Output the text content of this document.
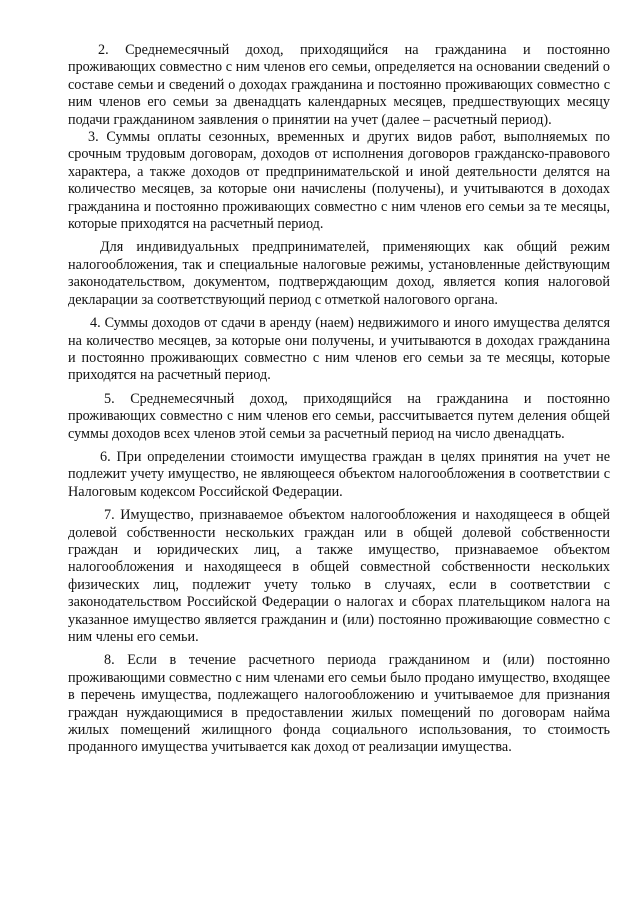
2. Среднемесячный доход, приходящийся на гражданина и постоянно проживающих совместно с ним членов его семьи, определяется на основании сведений о составе семьи и сведений о доходах гражданина и постоянно проживающих совместно с ним членов его семьи за двенадцать календарных месяцев, предшествующих месяцу подачи гражданином заявления о принятии на учет (далее – расчетный период).

3. Суммы оплаты сезонных, временных и других видов работ, выполняемых по срочным трудовым договорам, доходов от исполнения договоров гражданско-правового характера, а также доходов от предпринимательской и иной деятельности делятся на количество месяцев, за которые они начислены (получены), и учитываются в доходах гражданина и постоянно проживающих совместно с ним членов его семьи за те месяцы, которые приходятся на расчетный период.

Для индивидуальных предпринимателей, применяющих как общий режим налогообложения, так и специальные налоговые режимы, установленные действующим законодательством, документом, подтверждающим доход, является копия налоговой декларации за соответствующий период с отметкой налогового органа.

4. Суммы доходов от сдачи в аренду (наем) недвижимого и иного имущества делятся на количество месяцев, за которые они получены, и учитываются в доходах гражданина и постоянно проживающих совместно с ним членов его семьи за те месяцы, которые приходятся на расчетный период.

5. Среднемесячный доход, приходящийся на гражданина и постоянно проживающих совместно с ним членов его семьи, рассчитывается путем деления общей суммы доходов всех членов этой семьи за расчетный период на число двенадцать.

6. При определении стоимости имущества граждан в целях принятия на учет не подлежит учету имущество, не являющееся объектом налогообложения в соответствии с Налоговым кодексом Российской Федерации.

7. Имущество, признаваемое объектом налогообложения и находящееся в общей долевой собственности нескольких граждан или в общей долевой собственности граждан и юридических лиц, а также имущество, признаваемое объектом налогообложения и находящееся в общей совместной собственности нескольких физических лиц, подлежит учету только в случаях, если в соответствии с законодательством Российской Федерации о налогах и сборах плательщиком налога на указанное имущество является гражданин и (или) постоянно проживающие совместно с ним члены его семьи.

8. Если в течение расчетного периода гражданином и (или) постоянно проживающими совместно с ним членами его семьи было продано имущество, входящее в перечень имущества, подлежащего налогообложению и учитываемое для признания граждан нуждающимися в предоставлении жилых помещений по договорам найма жилых помещений жилищного фонда социального использования, то стоимость проданного имущества учитывается как доход от реализации имущества.
